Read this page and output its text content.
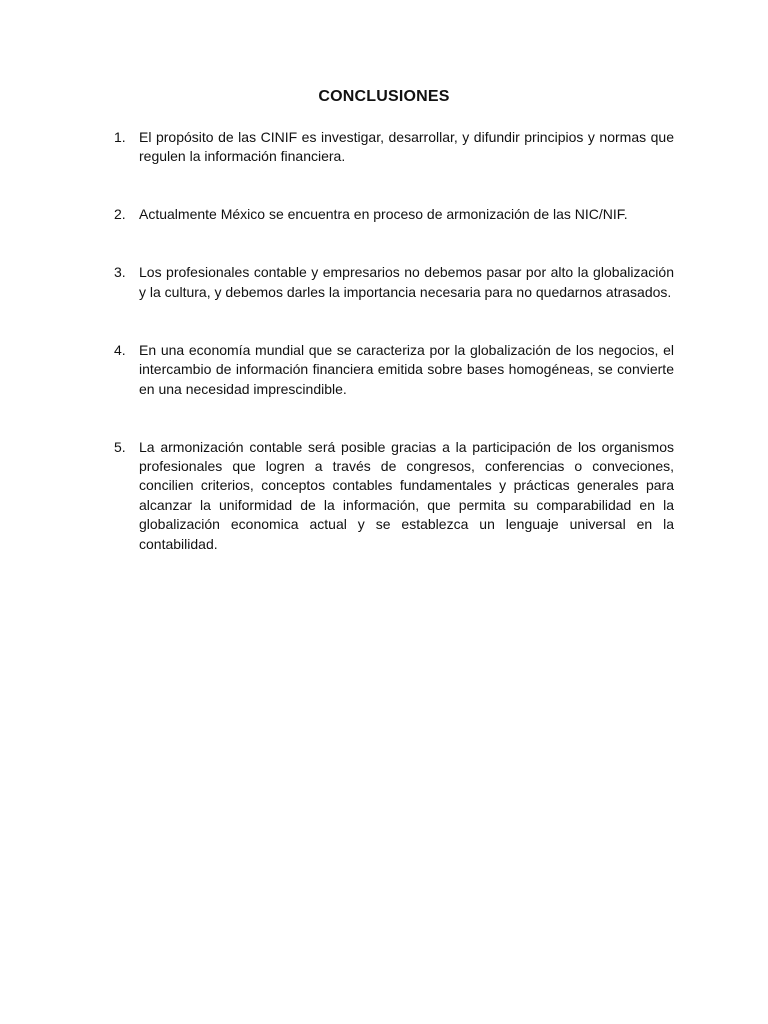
CONCLUSIONES
1. El propósito de las CINIF es investigar, desarrollar, y difundir principios y normas que regulen la información financiera.
2. Actualmente México se encuentra en proceso de armonización de las NIC/NIF.
3. Los profesionales contable y empresarios no debemos pasar por alto la globalización y la cultura, y debemos darles la importancia necesaria para no quedarnos atrasados.
4. En una economía mundial que se caracteriza por la globalización de los negocios, el intercambio de información financiera emitida sobre bases homogéneas, se convierte en una necesidad imprescindible.
5. La armonización contable será posible gracias a la participación de los organismos profesionales que logren a través de congresos, conferencias o conveciones, concilien criterios, conceptos contables fundamentales y prácticas generales para alcanzar la uniformidad de la información, que permita su comparabilidad en la globalización economica actual y se establezca un lenguaje universal en la contabilidad.
